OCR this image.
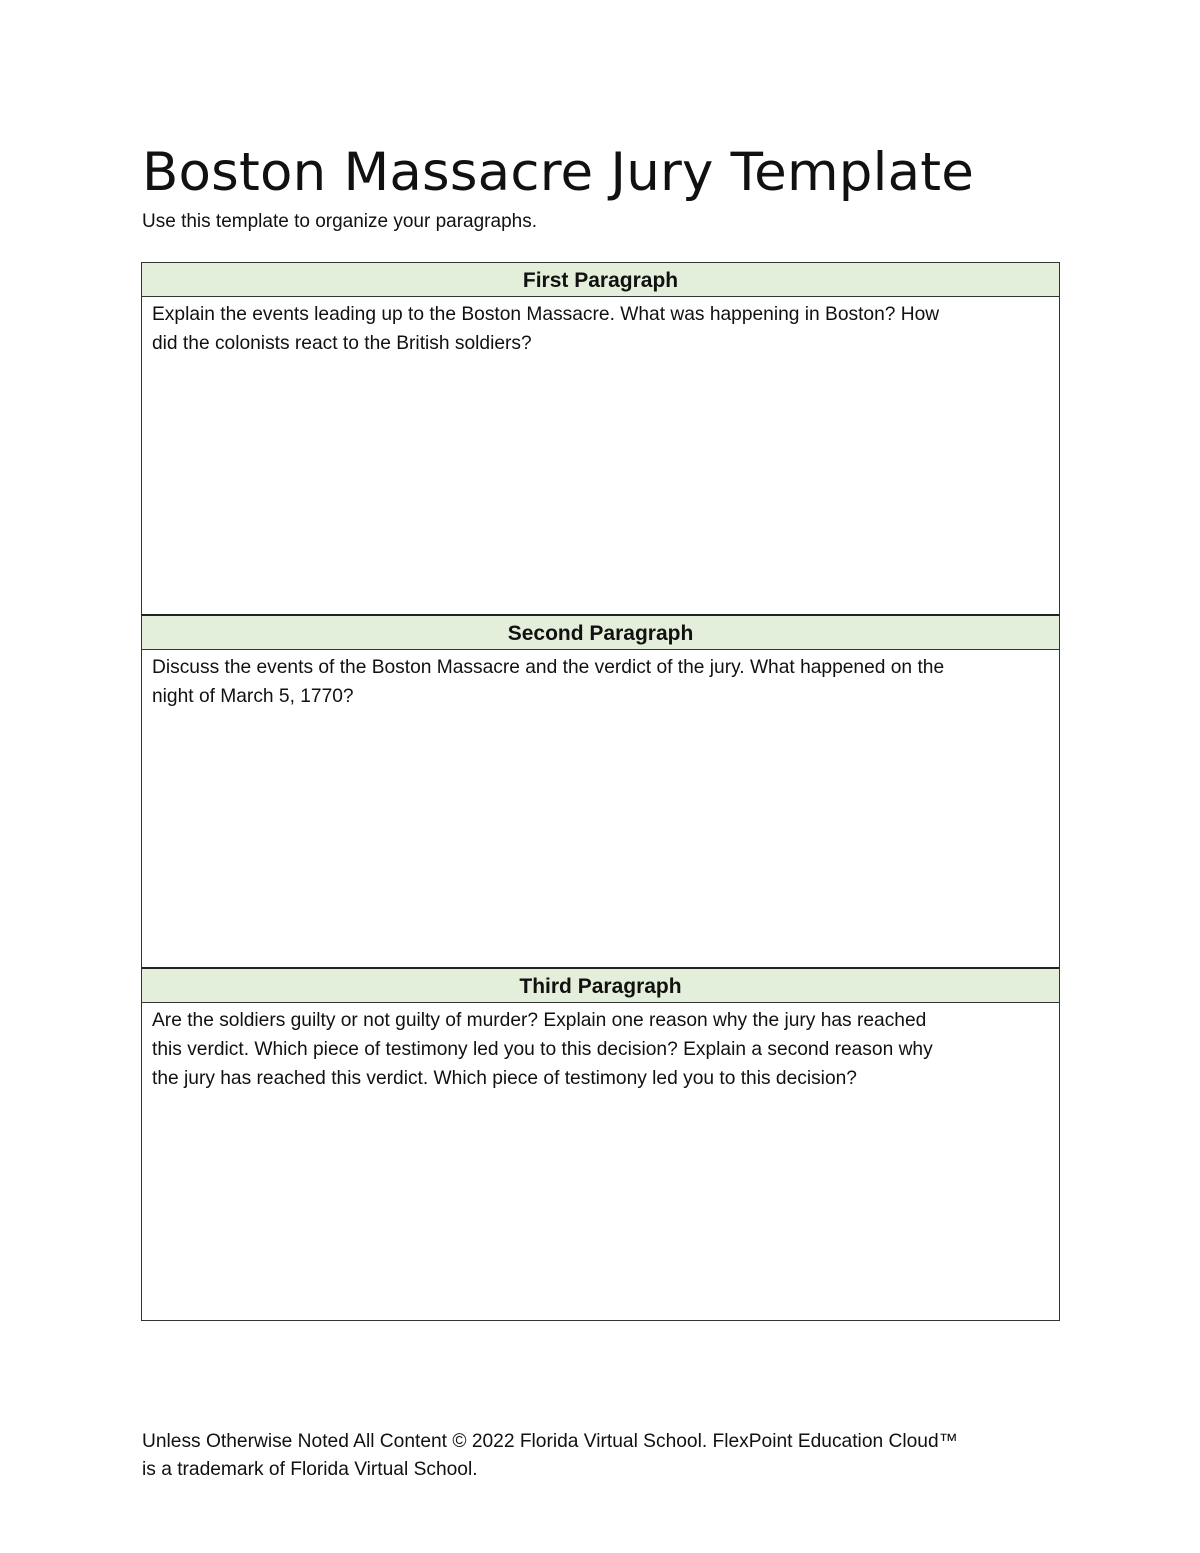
Boston Massacre Jury Template

Use this template to organize your paragraphs.

First Paragraph

Explain the events leading up to the Boston Massacre. What was happening in Boston? How

did the colonists react to the British soldiers?

Second Paragraph

Discuss the events of the Boston Massacre and the verdict of the jury. What happened on the

night of March 5, 1770?

Third Paragraph

Are the soldiers guilty or not guilty of murder? Explain one reason why the jury has reached

this verdict. Which piece of testimony led you to this decision? Explain a second reason why

the jury has reached this verdict. Which piece of testimony led you to this decision?

Unless Otherwise Noted All Content © 2022 Florida Virtual School. FlexPoint Education Cloud™
is a trademark of Florida Virtual School.
